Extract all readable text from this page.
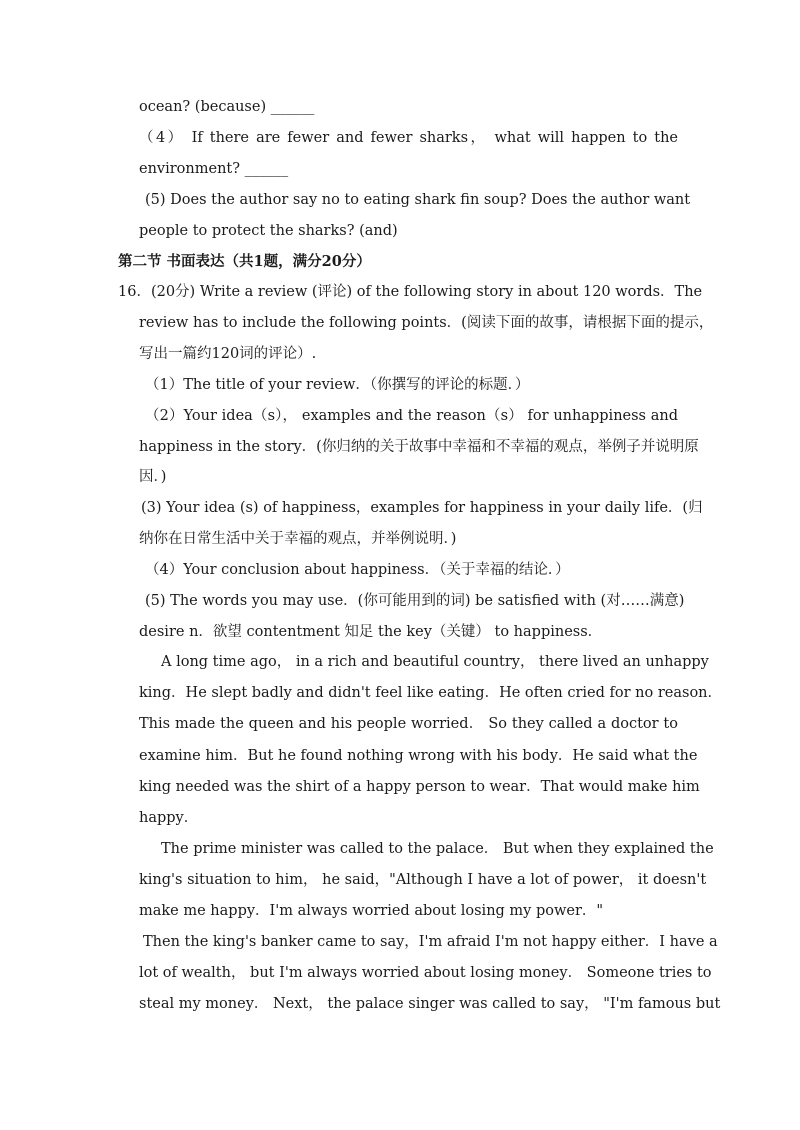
ocean? (because) ______
（4） If there are fewer and fewer sharks， what will happen to the
environment? ______
(5) Does the author say no to eating shark fin soup? Does the author want
people to protect the sharks? (and)
第二节 书面表达（共1题，满分20分）
16．(20分) Write a review (评论) of the following story in about 120 words．The
review has to include the following points．(阅读下面的故事，请根据下面的提示，
写出一篇约120词的评论）.
（1）The title of your review．（你撰写的评论的标题．）
（2）Your idea（s）， examples and the reason（s） for unhappiness and
happiness in the story．(你归纳的关于故事中幸福和不幸福的观点，举例子并说明原
因．)
(3) Your idea (s) of happiness，examples for happiness in your daily life．(归
纳你在日常生活中关于幸福的观点，并举例说明．)
（4）Your conclusion about happiness．（关于幸福的结论．）
(5) The words you may use．(你可能用到的词) be satisfied with (对……满意)
desire n．欲望 contentment 知足 the key（关键） to happiness．
A long time ago， in a rich and beautiful country， there lived an unhappy
king．He slept badly and didn't feel like eating．He often cried for no reason．
This made the queen and his people worried． So they called a doctor to
examine him．But he found nothing wrong with his body．He said what the
king needed was the shirt of a happy person to wear．That would make him
happy．
The prime minister was called to the palace． But when they explained the
king's situation to him， he said，"Although I have a lot of power， it doesn't
make me happy．I'm always worried about losing my power．"
Then the king's banker came to say，I'm afraid I'm not happy either．I have a
lot of wealth， but I'm always worried about losing money． Someone tries to
steal my money． Next， the palace singer was called to say， "I'm famous but
